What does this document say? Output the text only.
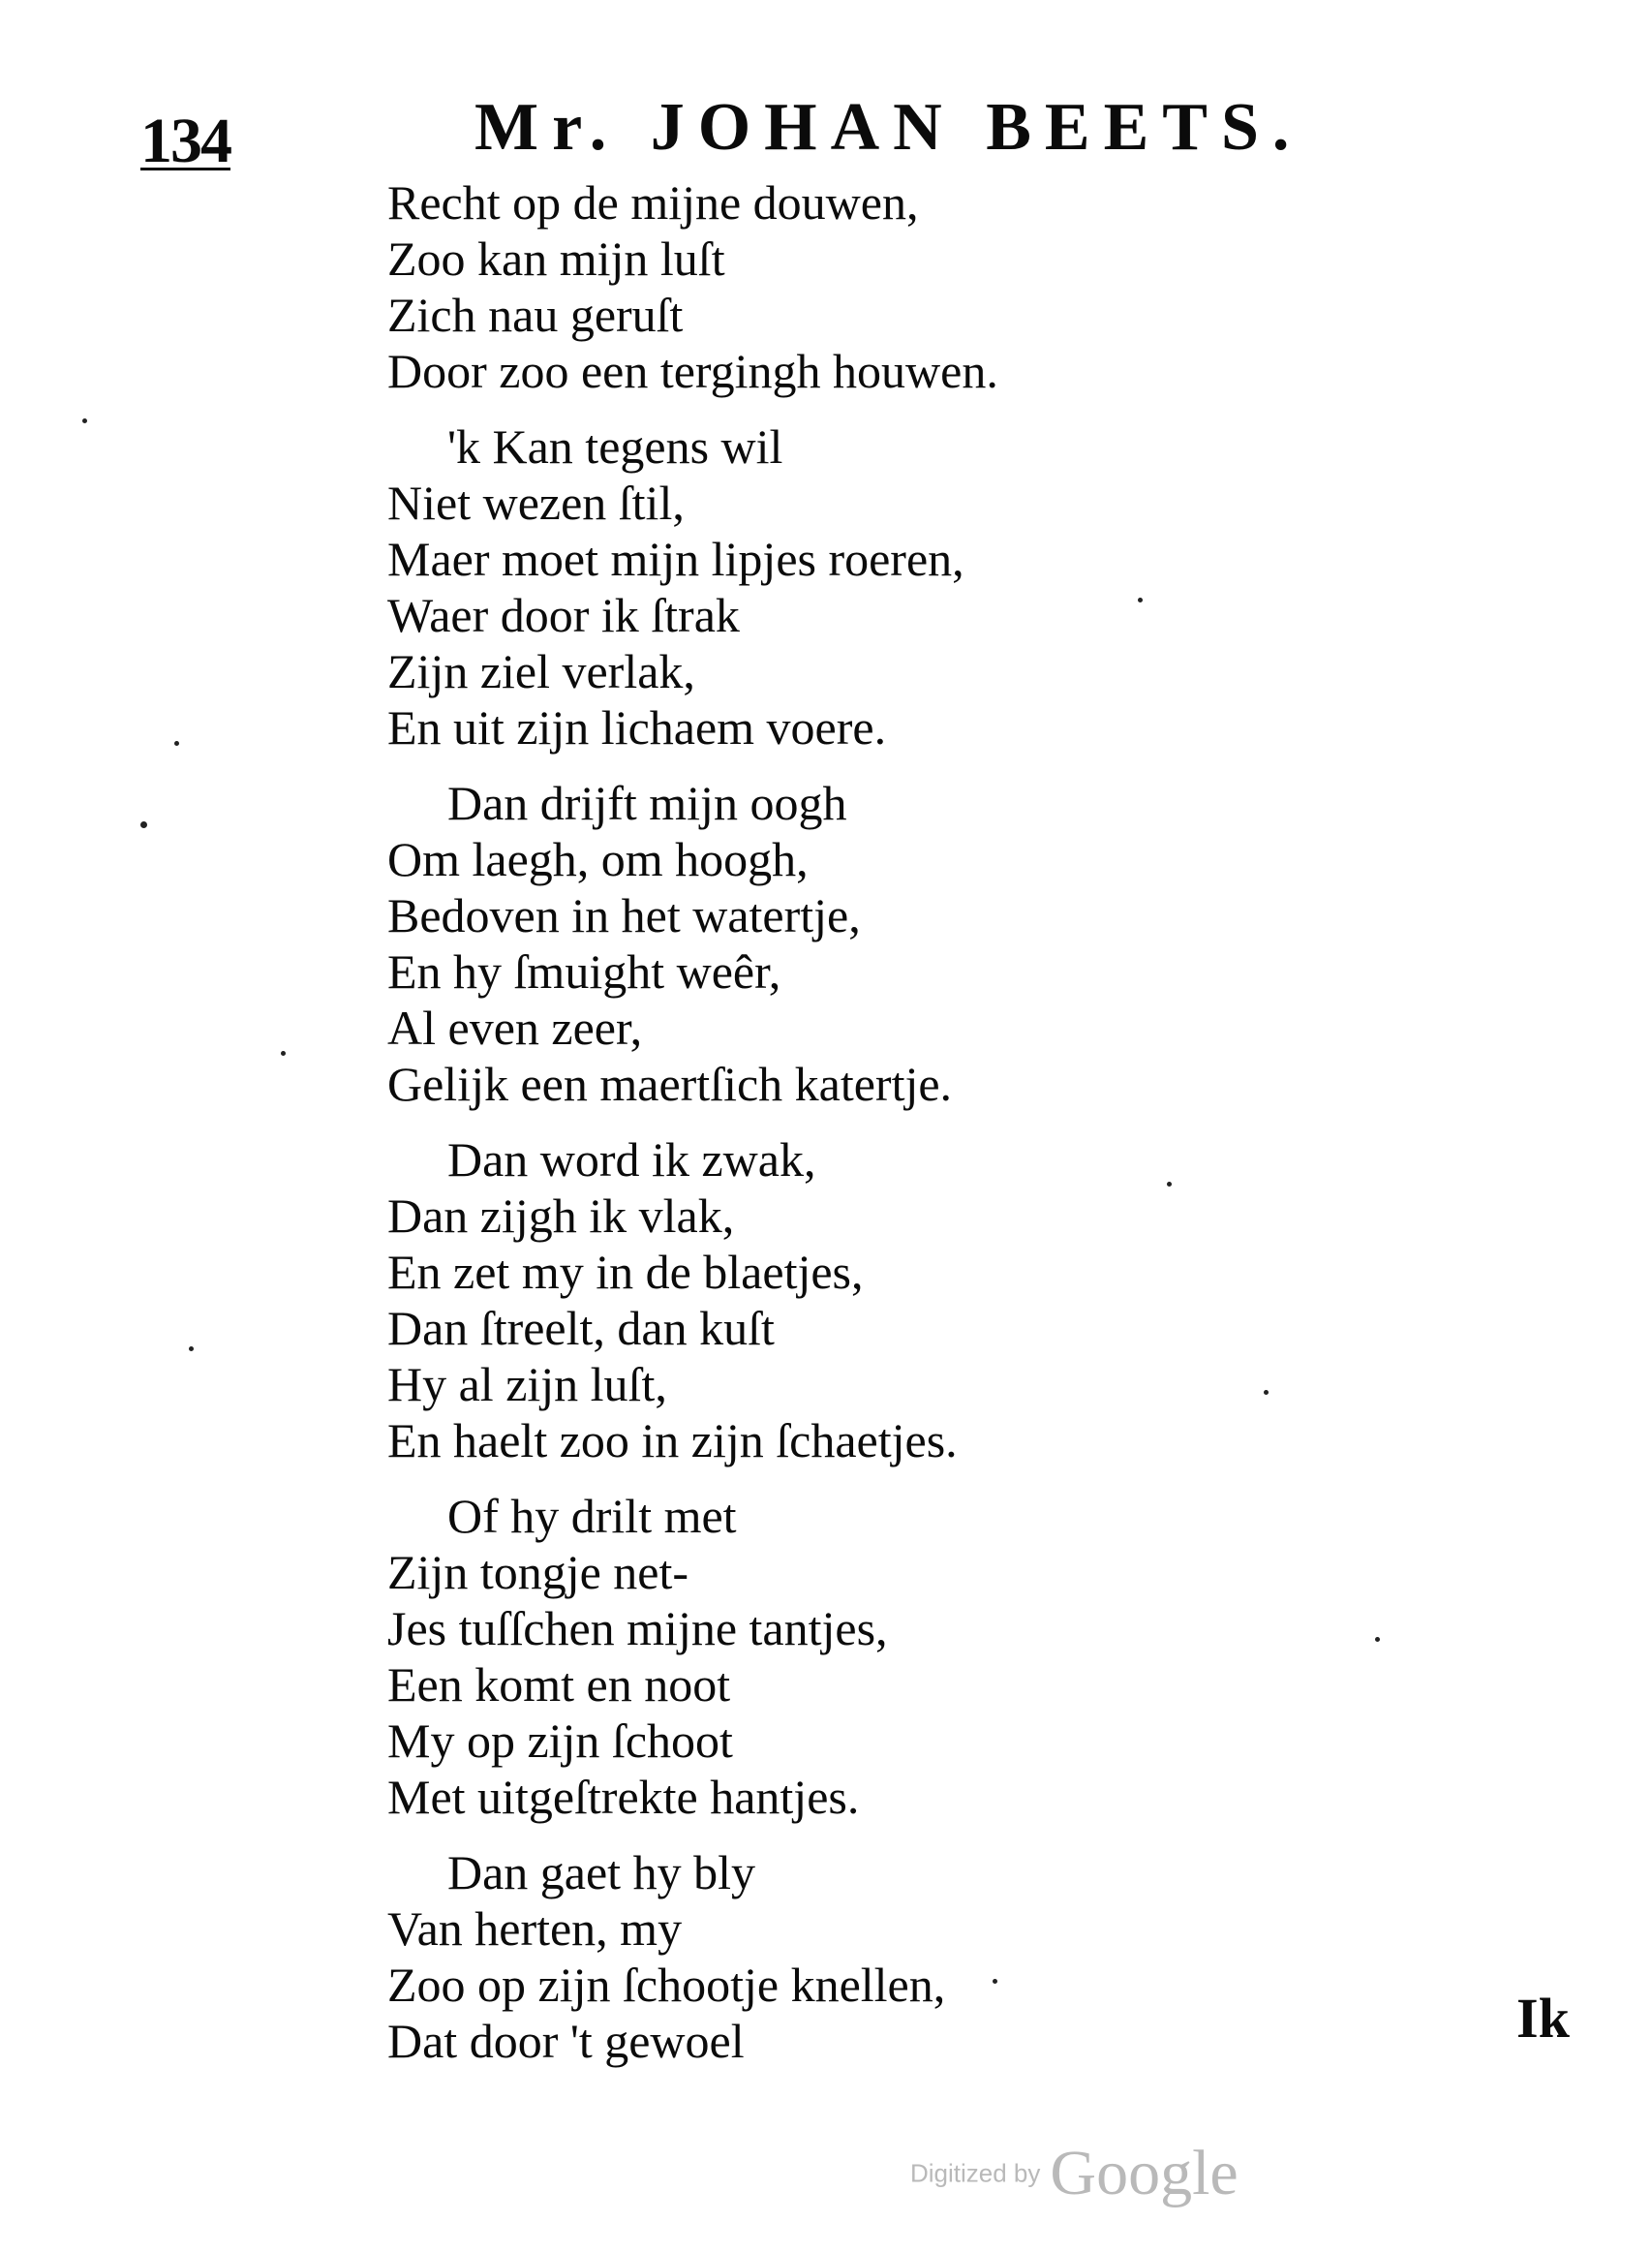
134	Mr. JOHAN BEETS.
Recht op de mijne douwen,
Zoo kan mijn luſt
Zich nau geruſt
Door zoo een tergingh houwen.
'k Kan tegens wil
Niet wezen ſtil,
Maer moet mijn lipjes roeren,
Waer door ik ſtrak
Zijn ziel verlak,
En uit zijn lichaem voere.
Dan drijft mijn oogh
Om laegh, om hoogh,
Bedoven in het watertje,
En hy ſmuight weêr,
Al even zeer,
Gelijk een maertſich katertje.
Dan word ik zwak,
Dan zijgh ik vlak,
En zet my in de blaetjes,
Dan ſtreelt, dan kuſt
Hy al zijn luſt,
En haelt zoo in zijn ſchaetjes.
Of hy drilt met
Zijn tongje net-
Jes tuſſchen mijne tantjes,
Een komt en noot
My op zijn ſchoot
Met uitgeſtrekte hantjes.
Dan gaet hy bly
Van herten, my
Zoo op zijn ſchootje knellen,
Dat door 't gewoel	Ik
Digitized by Google
